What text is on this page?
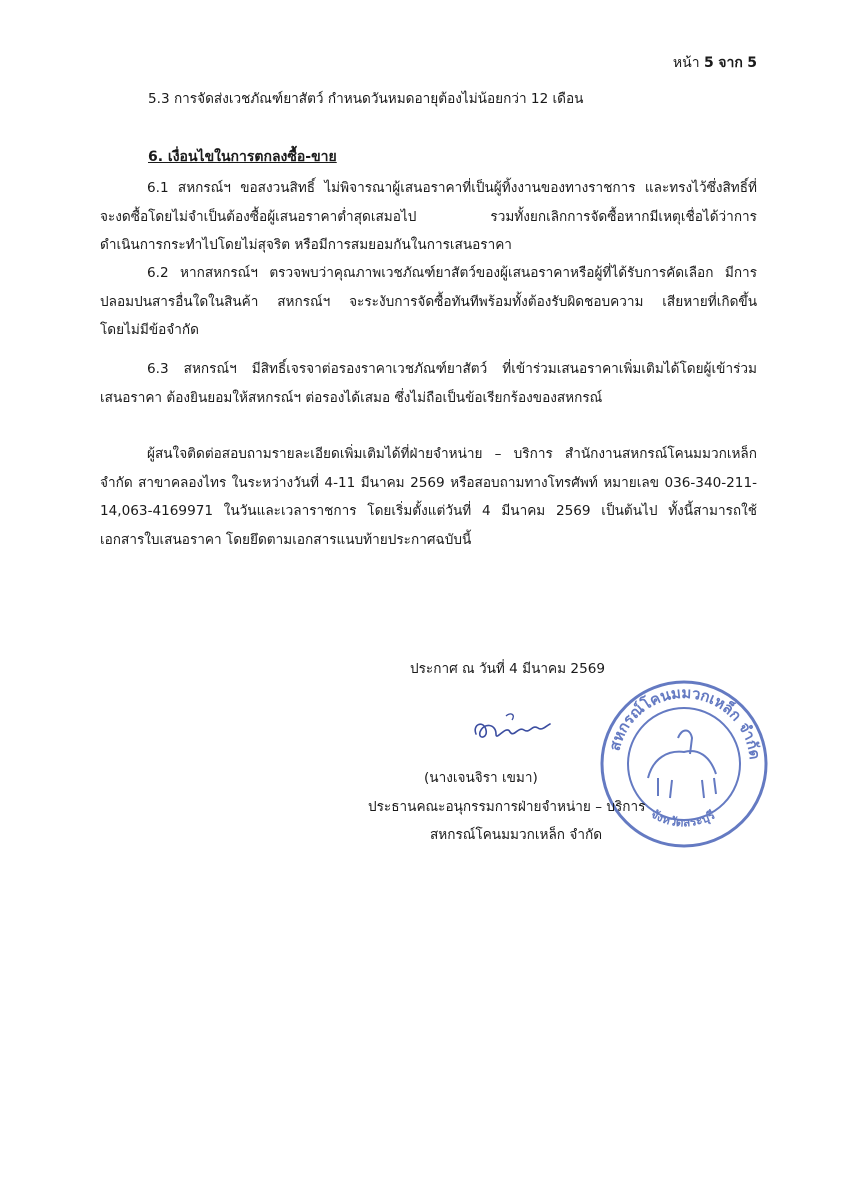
หน้า 5 จาก 5
5.3 การจัดส่งเวชภัณฑ์ยาสัตว์ กำหนดวันหมดอายุต้องไม่น้อยกว่า 12 เดือน
6. เงื่อนไขในการตกลงซื้อ-ขาย

6.1 สหกรณ์ฯ ขอสงวนสิทธิ์ ไม่พิจารณาผู้เสนอราคาที่เป็นผู้ทิ้งงานของทางราชการ และทรงไว้ซึ่งสิทธิ์ที่

จะงดซื้อโดยไม่จำเป็นต้องซื้อผู้เสนอราคาต่ำสุดเสมอไป รวมทั้งยกเลิกการจัดซื้อหากมีเหตุเชื่อได้ว่าการ

ดำเนินการกระทำไปโดยไม่สุจริต หรือมีการสมยอมกันในการเสนอราคา

6.2 หากสหกรณ์ฯ ตรวจพบว่าคุณภาพเวชภัณฑ์ยาสัตว์ของผู้เสนอราคาหรือผู้ที่ได้รับการคัดเลือก มีการ

ปลอมปนสารอื่นใดในสินค้า สหกรณ์ฯ จะระงับการจัดซื้อทันทีพร้อมทั้งต้องรับผิดชอบความ เสียหายที่เกิดขึ้น

โดยไม่มีข้อจำกัด

6.3 สหกรณ์ฯ มีสิทธิ์เจรจาต่อรองราคาเวชภัณฑ์ยาสัตว์ ที่เข้าร่วมเสนอราคาเพิ่มเติมได้โดยผู้เข้าร่วม

เสนอราคา ต้องยินยอมให้สหกรณ์ฯ ต่อรองได้เสมอ ซึ่งไม่ถือเป็นข้อเรียกร้องของสหกรณ์

ผู้สนใจติดต่อสอบถามรายละเอียดเพิ่มเติมได้ที่ฝ่ายจำหน่าย – บริการ สำนักงานสหกรณ์โคนมมวกเหล็ก

จำกัด สาขาคลองไทร ในระหว่างวันที่ 4-11 มีนาคม 2569 หรือสอบถามทางโทรศัพท์ หมายเลข 036-340-211-

14,063-4169971 ในวันและเวลาราชการ โดยเริ่มตั้งแต่วันที่ 4 มีนาคม 2569 เป็นต้นไป ทั้งนี้สามารถใช้

เอกสารใบเสนอราคา โดยยึดตามเอกสารแนบท้ายประกาศฉบับนี้

ประกาศ ณ วันที่ 4 มีนาคม 2569
สหกรณ์โคนมมวกเหล็ก จำกัด
จังหวัดสระบุรี
(นางเจนจิรา เขมา)
ประธานคณะอนุกรรมการฝ่ายจำหน่าย – บริการ
สหกรณ์โคนมมวกเหล็ก จำกัด
